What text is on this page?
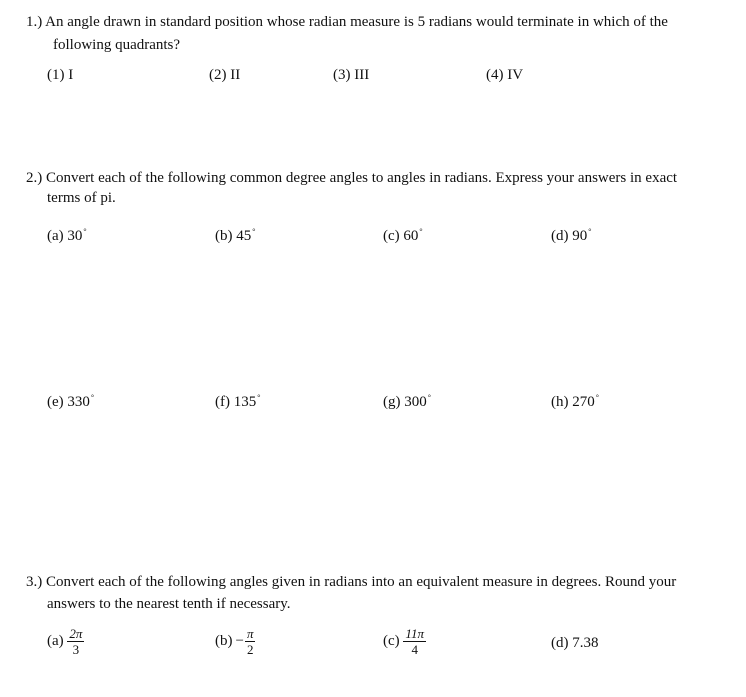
1.) An angle drawn in standard position whose radian measure is 5 radians would terminate in which of the
following quadrants?
(1) I	(2) II	(3) III	(4) IV
2.) Convert each of the following common degree angles to angles in radians. Express your answers in exact
terms of pi.
(a) 30°	(b) 45°	(c) 60°	(d) 90°
(e) 330°	(f) 135°	(g) 300°	(h) 270°
3.) Convert each of the following angles given in radians into an equivalent measure in degrees. Round your
answers to the nearest tenth if necessary.
$(a) \frac{2\pi}{3}$	$(b) - \frac{\pi}{2}$	$(c) \frac{11\pi}{4}$	(d) 7.38
